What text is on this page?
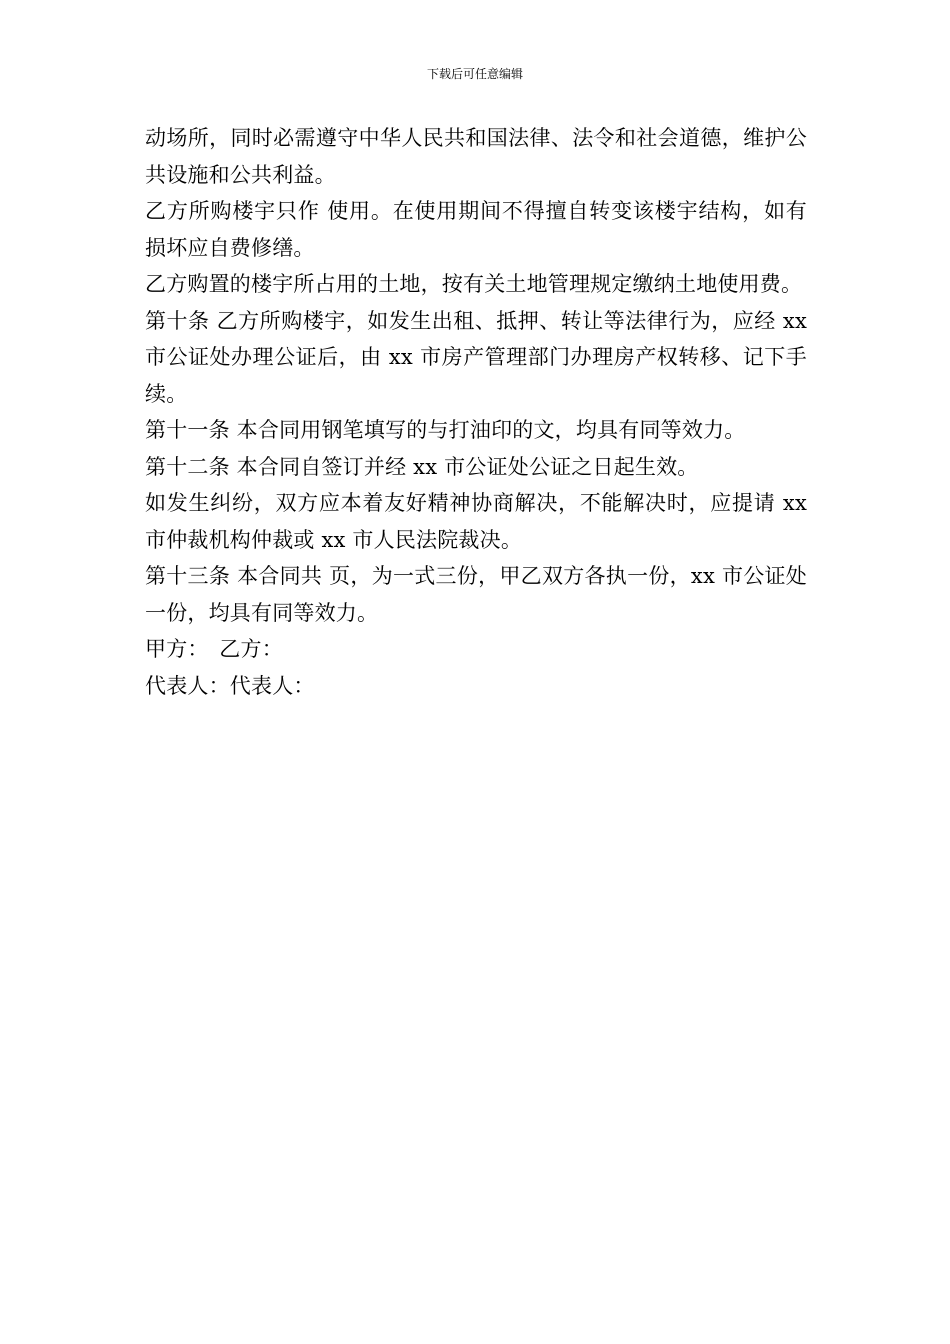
下载后可任意编辑

动场所，同时必需遵守中华人民共和国法律、法令和社会道德，维护公共设施和公共利益。

乙方所购楼宇只作 使用。在使用期间不得擅自转变该楼宇结构，如有损坏应自费修缮。

乙方购置的楼宇所占用的土地，按有关土地管理规定缴纳土地使用费。

第十条 乙方所购楼宇，如发生出租、抵押、转让等法律行为，应经 xx 市公证处办理公证后，由 xx 市房产管理部门办理房产权转移、记下手续。

第十一条 本合同用钢笔填写的与打油印的文，均具有同等效力。

第十二条 本合同自签订并经 xx 市公证处公证之日起生效。

如发生纠纷，双方应本着友好精神协商解决，不能解决时，应提请 xx 市仲裁机构仲裁或 xx 市人民法院裁决。

第十三条 本合同共 页，为一式三份，甲乙双方各执一份，xx 市公证处一份，均具有同等效力。

甲方：　乙方：

代表人：代表人：
